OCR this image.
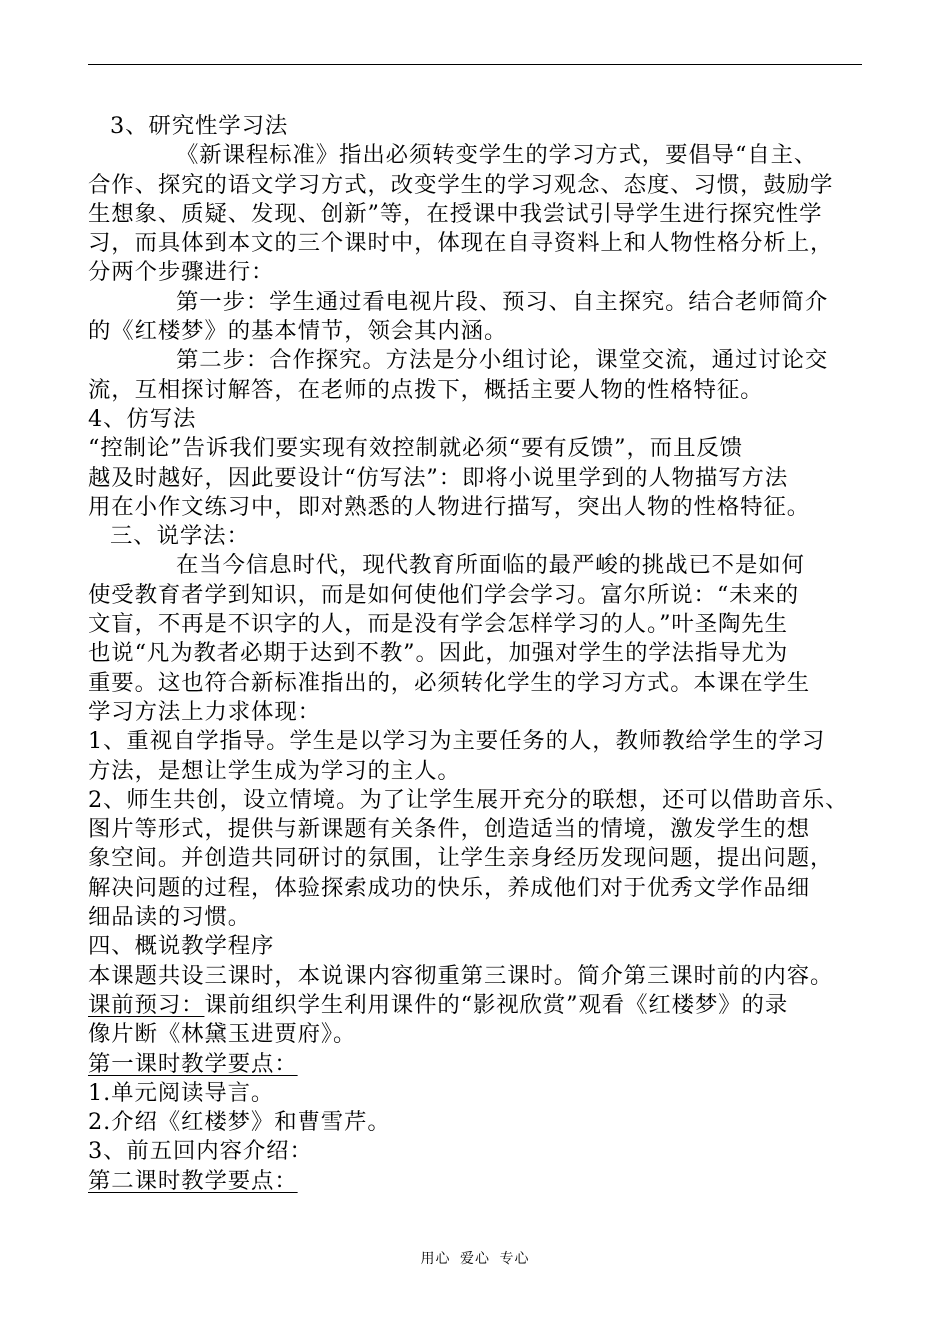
3、研究性学习法

《新课程标准》指出必须转变学生的学习方式，要倡导“自主、

合作、探究的语文学习方式，改变学生的学习观念、态度、习惯，鼓励学

生想象、质疑、发现、创新”等，在授课中我尝试引导学生进行探究性学

习，而具体到本文的三个课时中，体现在自寻资料上和人物性格分析上，

分两个步骤进行：

第一步：学生通过看电视片段、预习、自主探究。结合老师简介

的《红楼梦》的基本情节，领会其内涵。

第二步：合作探究。方法是分小组讨论，课堂交流，通过讨论交

流，互相探讨解答，在老师的点拨下，概括主要人物的性格特征。

4、仿写法

“控制论”告诉我们要实现有效控制就必须“要有反馈”，而且反馈

越及时越好，因此要设计“仿写法”：即将小说里学到的人物描写方法

用在小作文练习中，即对熟悉的人物进行描写，突出人物的性格特征。

三、说学法：

在当今信息时代，现代教育所面临的最严峻的挑战已不是如何

使受教育者学到知识，而是如何使他们学会学习。富尔所说：“未来的

文盲，不再是不识字的人，而是没有学会怎样学习的人。”叶圣陶先生

也说“凡为教者必期于达到不教”。因此，加强对学生的学法指导尤为

重要。这也符合新标准指出的，必须转化学生的学习方式。本课在学生

学习方法上力求体现：

1、重视自学指导。学生是以学习为主要任务的人，教师教给学生的学习

方法，是想让学生成为学习的主人。

2、师生共创，设立情境。为了让学生展开充分的联想，还可以借助音乐、

图片等形式，提供与新课题有关条件，创造适当的情境，激发学生的想

象空间。并创造共同研讨的氛围，让学生亲身经历发现问题，提出问题，

解决问题的过程，体验探索成功的快乐，养成他们对于优秀文学作品细

细品读的习惯。

四、概说教学程序

本课题共设三课时，本说课内容彻重第三课时。简介第三课时前的内容。

课前预习：课前组织学生利用课件的“影视欣赏”观看《红楼梦》的录

像片断《林黛玉进贾府》。

第一课时教学要点：

1.单元阅读导言。

2.介绍《红楼梦》和曹雪芹。

3、前五回内容介绍：

第二课时教学要点：

用心 爱心 专心
